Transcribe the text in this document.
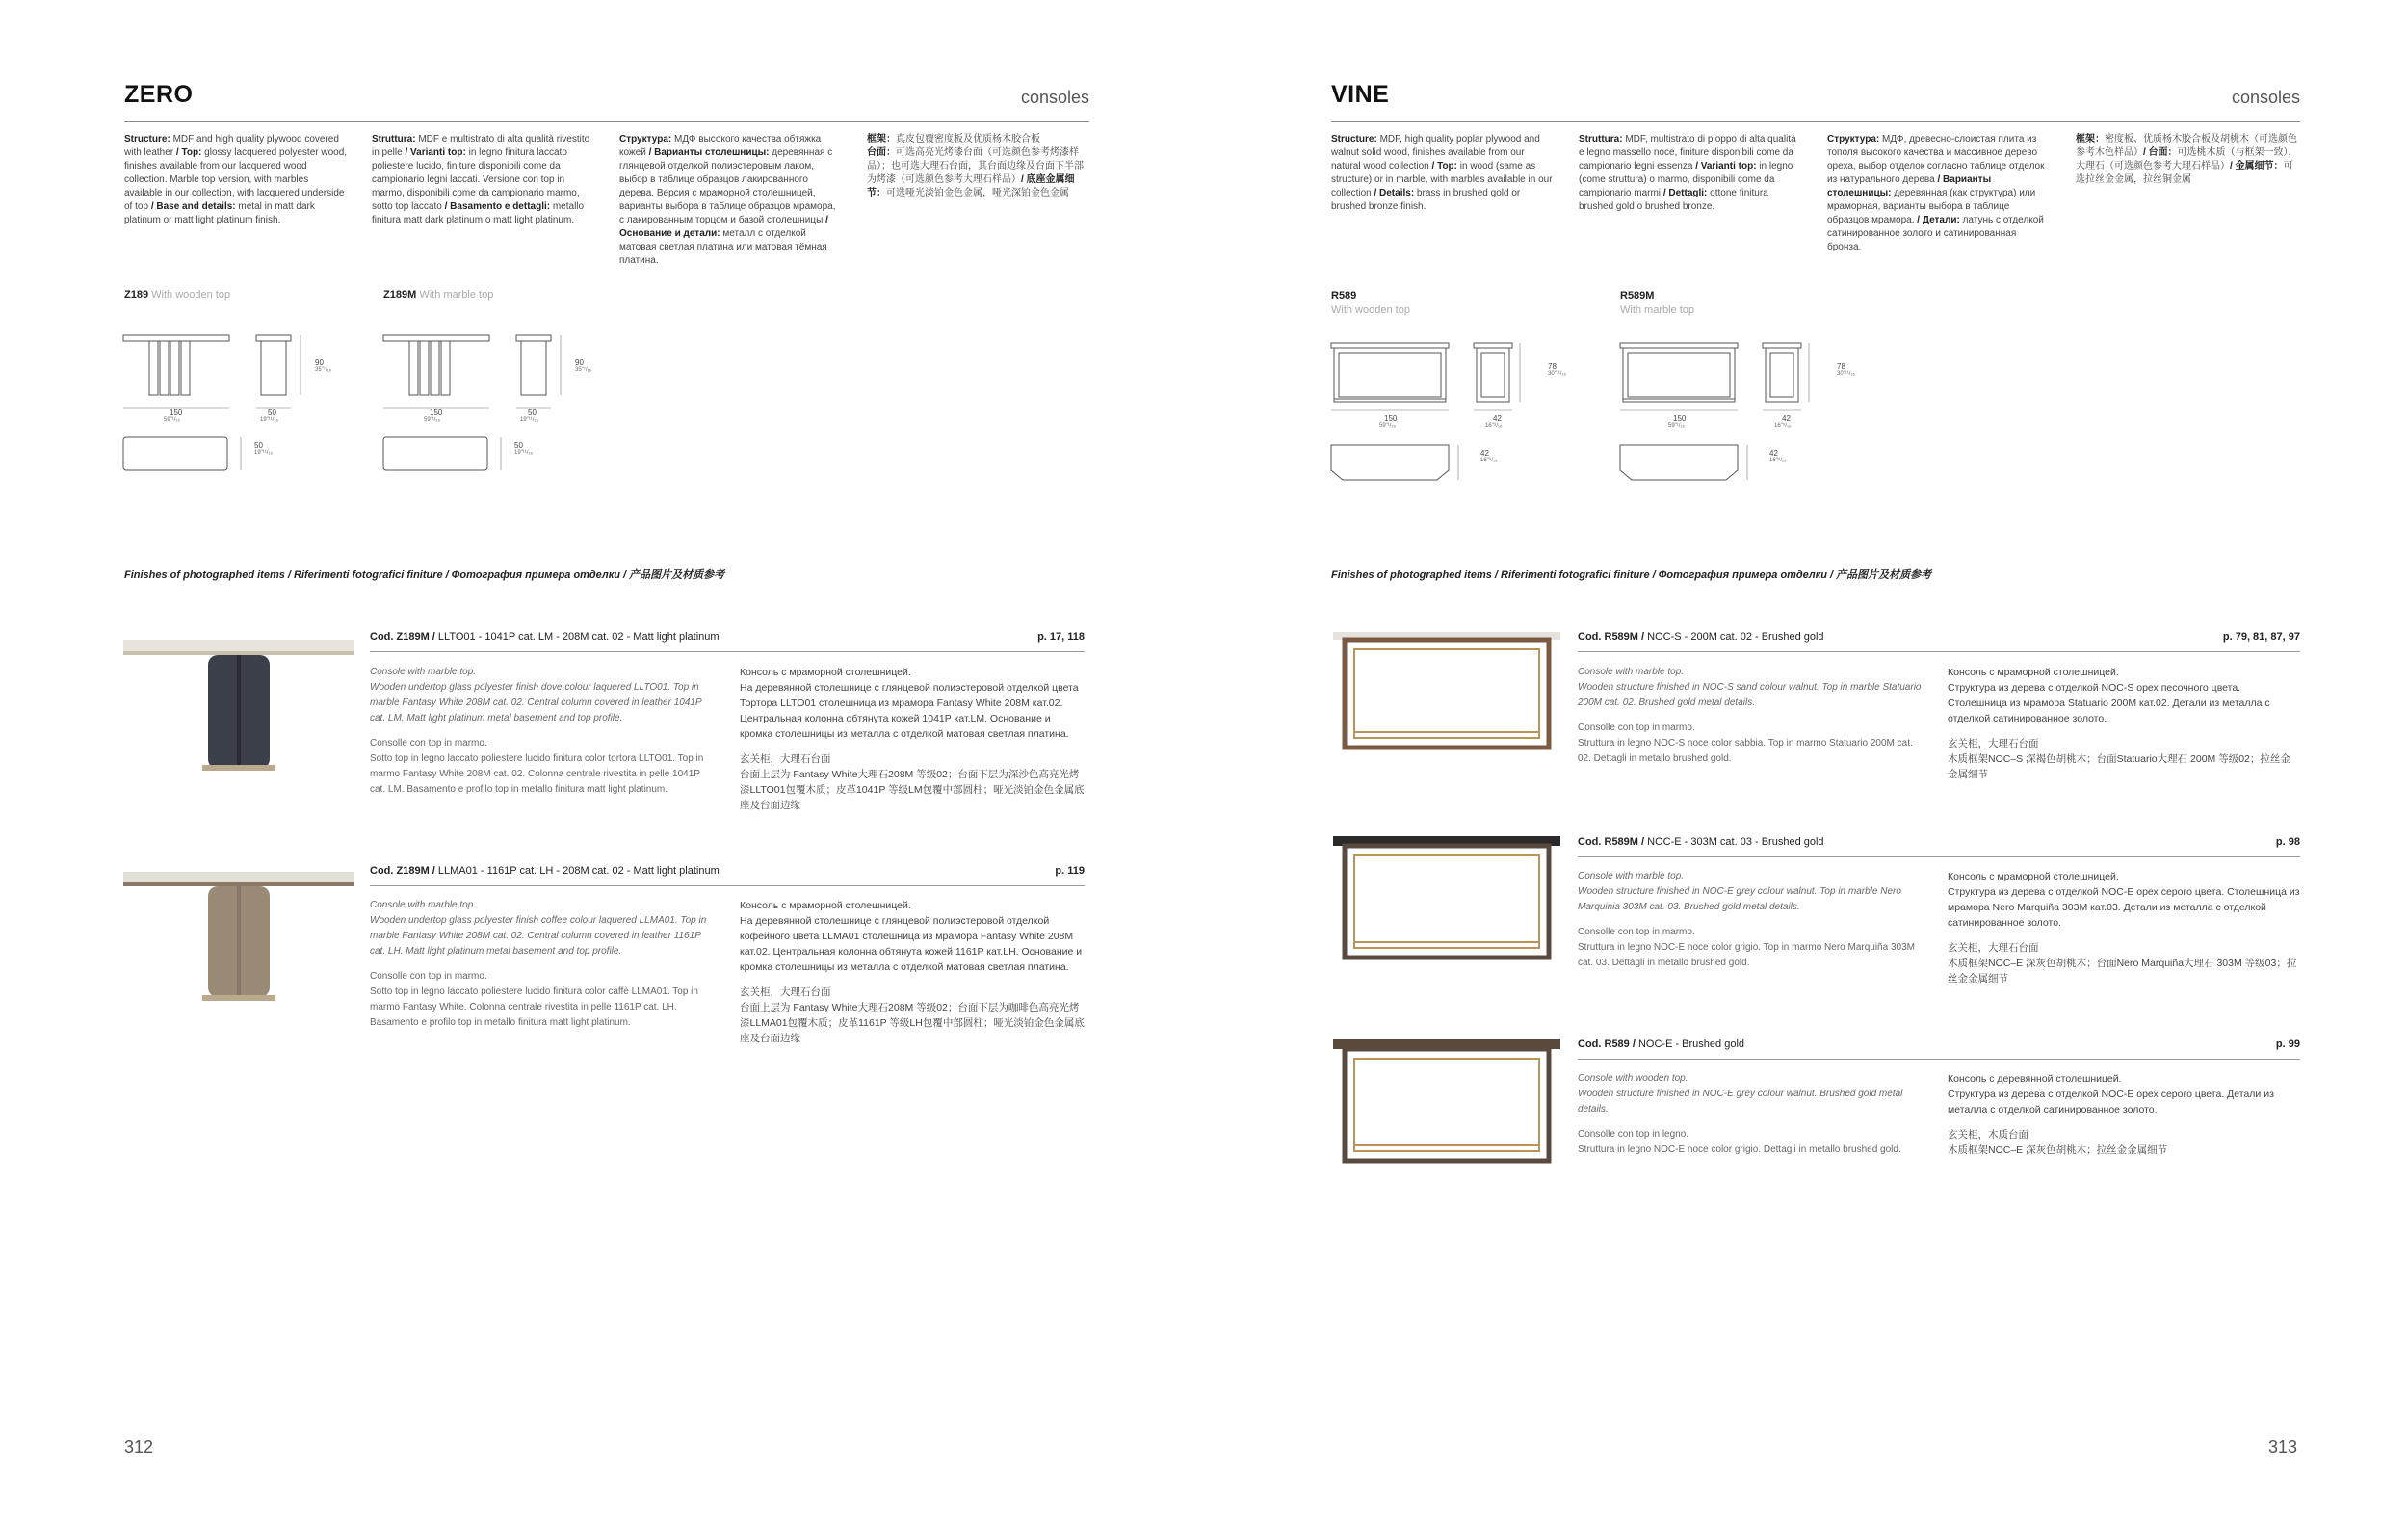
ZERO	consoles
Structure: MDF and high quality plywood covered with leather / Top: glossy lacquered polyester wood, finishes available from our lacquered wood collection. Marble top version, with marbles available in our collection, with lacquered underside of top / Base and details: metal in matt dark platinum or matt light platinum finish.
Struttura: MDF e multistrato di alta qualità rivestito in pelle / Varianti top: in legno finitura laccato poliestere lucido, finiture disponibili come da campionario legni laccati. Versione con top in marmo, disponibili come da campionario marmo, sotto top laccato / Basamento e dettagli: metallo finitura matt dark platinum o matt light platinum.
Структура: МДФ высокого качества обтяжка кожей / Варианты столешницы: деревянная с глянцевой отделкой полиэстеровым лаком, выбор в таблице образцов лакированного дерева. Версия с мраморной столешницей, варианты выбора в таблице образцов мрамора, с лакированным торцом и базой столешницы / Основание и детали: металл с отделкой матовая светлая платина или матовая тёмная платина.
框架：真皮包覆密度板及优质杨木胶合板
台面：可选高亮光烤漆台面（可选颜色参考烤漆样品）；也可选大理石台面，其台面边缘及台面下半部为烤漆（可选颜色参考大理石样品）/ 底座金属细节：可选哑光淡铂金色金属，哑光深铂金色金属
Z189 With wooden top
150
59"¹/₁₆
50
19"¹¹/₁₆
90
35"⁷/₁₆
50
19"¹¹/₁₆
Z189M With marble top
150
59"¹/₁₆
50
19"¹¹/₁₆
90
35"⁷/₁₆
50
19"¹¹/₁₆
Finishes of photographed items / Riferimenti fotografici finiture / Фотография примера отделки / 产品图片及材质参考
Cod. Z189M / LLTO01 - 1041P cat. LM - 208M cat. 02 - Matt light platinum	p. 17, 118
Console with marble top.
Wooden undertop glass polyester finish dove colour laquered LLTO01. Top in marble Fantasy White 208M cat. 02. Central column covered in leather 1041P cat. LM. Matt light platinum metal basement and top profile.
Consolle con top in marmo.
Sotto top in legno laccato poliestere lucido finitura color tortora LLTO01. Top in marmo Fantasy White 208M cat. 02. Colonna centrale rivestita in pelle 1041P cat. LM. Basamento e profilo top in metallo finitura matt light platinum.
Консоль с мраморной столешницей.
На деревянной столешнице с глянцевой полиэстеровой отделкой цвета Тортора LLTO01 столешница из мрамора Fantasy White 208M кат.02. Центральная колонна обтянута кожей 1041P кат.LM. Основание и кромка столешницы из металла с отделкой матовая светлая платина.
玄关柜，大理石台面
台面上层为 Fantasy White大理石208M 等级02；台面下层为深沙色高亮光烤漆LLTO01包覆木质；皮革1041P 等级LM包覆中部圆柱；哑光淡铂金色金属底座及台面边缘
Cod. Z189M / LLMA01 - 1161P cat. LH - 208M cat. 02 - Matt light platinum	p. 119
Console with marble top.
Wooden undertop glass polyester finish coffee colour laquered LLMA01. Top in marble Fantasy White 208M cat. 02. Central column covered in leather 1161P cat. LH. Matt light platinum metal basement and top profile.
Consolle con top in marmo.
Sotto top in legno laccato poliestere lucido finitura color caffè LLMA01. Top in marmo Fantasy White. Colonna centrale rivestita in pelle 1161P cat. LH. Basamento e profilo top in metallo finitura matt light platinum.
Консоль с мраморной столешницей.
На деревянной столешнице с глянцевой полиэстеровой отделкой кофейного цвета LLMA01 столешница из мрамора Fantasy White 208M кат.02. Центральная колонна обтянута кожей 1161P кат.LH. Основание и кромка столешницы из металла с отделкой матовая светлая платина.
玄关柜，大理石台面
台面上层为 Fantasy White大理石208M 等级02；台面下层为咖啡色高亮光烤漆LLMA01包覆木质；皮革1161P 等级LH包覆中部圆柱；哑光淡铂金色金属底座及台面边缘
312
VINE	consoles
Structure: MDF, high quality poplar plywood and walnut solid wood, finishes available from our natural wood collection / Top: in wood (same as structure) or in marble, with marbles available in our collection / Details: brass in brushed gold or brushed bronze finish.
Struttura: MDF, multistrato di pioppo di alta qualità e legno massello noce, finiture disponibili come da campionario legni essenza / Varianti top: in legno (come struttura) o marmo, disponibili come da campionario marmi / Dettagli: ottone finitura brushed gold o brushed bronze.
Структура: МДФ, древесно-слоистая плита из тополя высокого качества и массивное дерево ореха, выбор отделок согласно таблице отделок из натурального дерева / Варианты столешницы: деревянная (как структура) или мраморная, варианты выбора в таблице образцов мрамора. / Детали: латунь с отделкой сатинированное золото и сатинированная бронза.
框架：密度板、优质杨木胶合板及胡桃木（可选颜色参考木色样品）/ 台面：可选桃木质（与框架一致），大理石（可选颜色参考大理石样品）/ 金属细节：可选拉丝金金属，拉丝铜金属
R589
With wooden top
150
59"¹/₁₆
42
16"⁹/₁₆
78
30"¹¹/₁₆
42
16"⁹/₁₆
R589M
With marble top
150
59"¹/₁₆
42
16"⁹/₁₆
78
30"¹¹/₁₆
42
16"⁹/₁₆
Finishes of photographed items / Riferimenti fotografici finiture / Фотография примера отделки / 产品图片及材质参考
Cod. R589M / NOC-S - 200M cat. 02 - Brushed gold	p. 79, 81, 87, 97
Console with marble top.
Wooden structure finished in NOC-S sand colour walnut. Top in marble Statuario 200M cat. 02. Brushed gold metal details.
Consolle con top in marmo.
Struttura in legno NOC-S noce color sabbia. Top in marmo Statuario 200M cat. 02. Dettagli in metallo brushed gold.
Консоль с мраморной столешницей.
Структура из дерева с отделкой NOC-S орех песочного цвета. Столешница из мрамора Statuario 200M кат.02. Детали из металла с отделкой сатинированное золото.
玄关柜，大理石台面
木质框架NOC–S 深褐色胡桃木；台面Statuario大理石 200M 等级02；拉丝金金属细节
Cod. R589M / NOC-E - 303M cat. 03 - Brushed gold	p. 98
Console with marble top.
Wooden structure finished in NOC-E grey colour walnut. Top in marble Nero Marquinia 303M cat. 03. Brushed gold metal details.
Consolle con top in marmo.
Struttura in legno NOC-E noce color grigio. Top in marmo Nero Marquiña 303M cat. 03. Dettagli in metallo brushed gold.
Консоль с мраморной столешницей.
Структура из дерева с отделкой NOC-E орех серого цвета. Столешница из мрамора Nero Marquiña 303M кат.03. Детали из металла с отделкой сатинированное золото.
玄关柜，大理石台面
木质框架NOC–E 深灰色胡桃木；台面Nero Marquiña大理石 303M 等级03；拉丝金金属细节
Cod. R589 / NOC-E - Brushed gold	p. 99
Console with wooden top.
Wooden structure finished in NOC-E grey colour walnut. Brushed gold metal details.
Consolle con top in legno.
Struttura in legno NOC-E noce color grigio. Dettagli in metallo brushed gold.
Консоль с деревянной столешницей.
Структура из дерева с отделкой NOC-E орех серого цвета. Детали из металла с отделкой сатинированное золото.
玄关柜，木质台面
木质框架NOC–E 深灰色胡桃木；拉丝金金属细节
313
